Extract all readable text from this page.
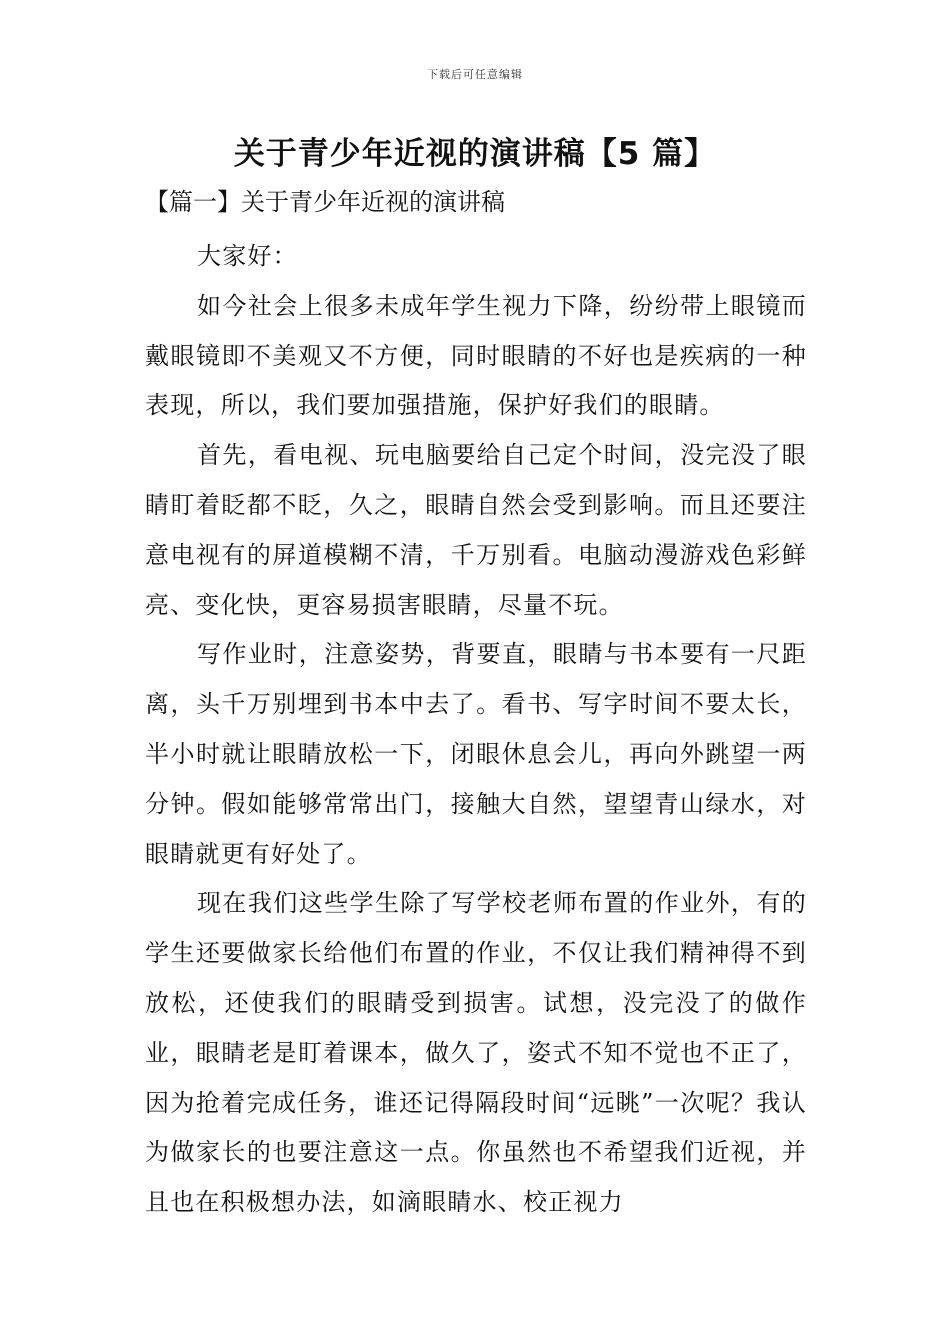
下载后可任意编辑
关于青少年近视的演讲稿【5 篇】
【篇一】关于青少年近视的演讲稿

大家好：

如今社会上很多未成年学生视力下降，纷纷带上眼镜而戴眼镜即不美观又不方便，同时眼睛的不好也是疾病的一种表现，所以，我们要加强措施，保护好我们的眼睛。

首先，看电视、玩电脑要给自己定个时间，没完没了眼睛盯着眨都不眨，久之，眼睛自然会受到影响。而且还要注意电视有的屏道模糊不清，千万别看。电脑动漫游戏色彩鲜亮、变化快，更容易损害眼睛，尽量不玩。

写作业时，注意姿势，背要直，眼睛与书本要有一尺距离，头千万别埋到书本中去了。看书、写字时间不要太长，半小时就让眼睛放松一下，闭眼休息会儿，再向外跳望一两分钟。假如能够常常出门，接触大自然，望望青山绿水，对眼睛就更有好处了。

现在我们这些学生除了写学校老师布置的作业外，有的学生还要做家长给他们布置的作业，不仅让我们精神得不到放松，还使我们的眼睛受到损害。试想，没完没了的做作业，眼睛老是盯着课本，做久了，姿式不知不觉也不正了，因为抢着完成任务，谁还记得隔段时间“远眺”一次呢？我认为做家长的也要注意这一点。你虽然也不希望我们近视，并且也在积极想办法，如滴眼睛水、校正视力
